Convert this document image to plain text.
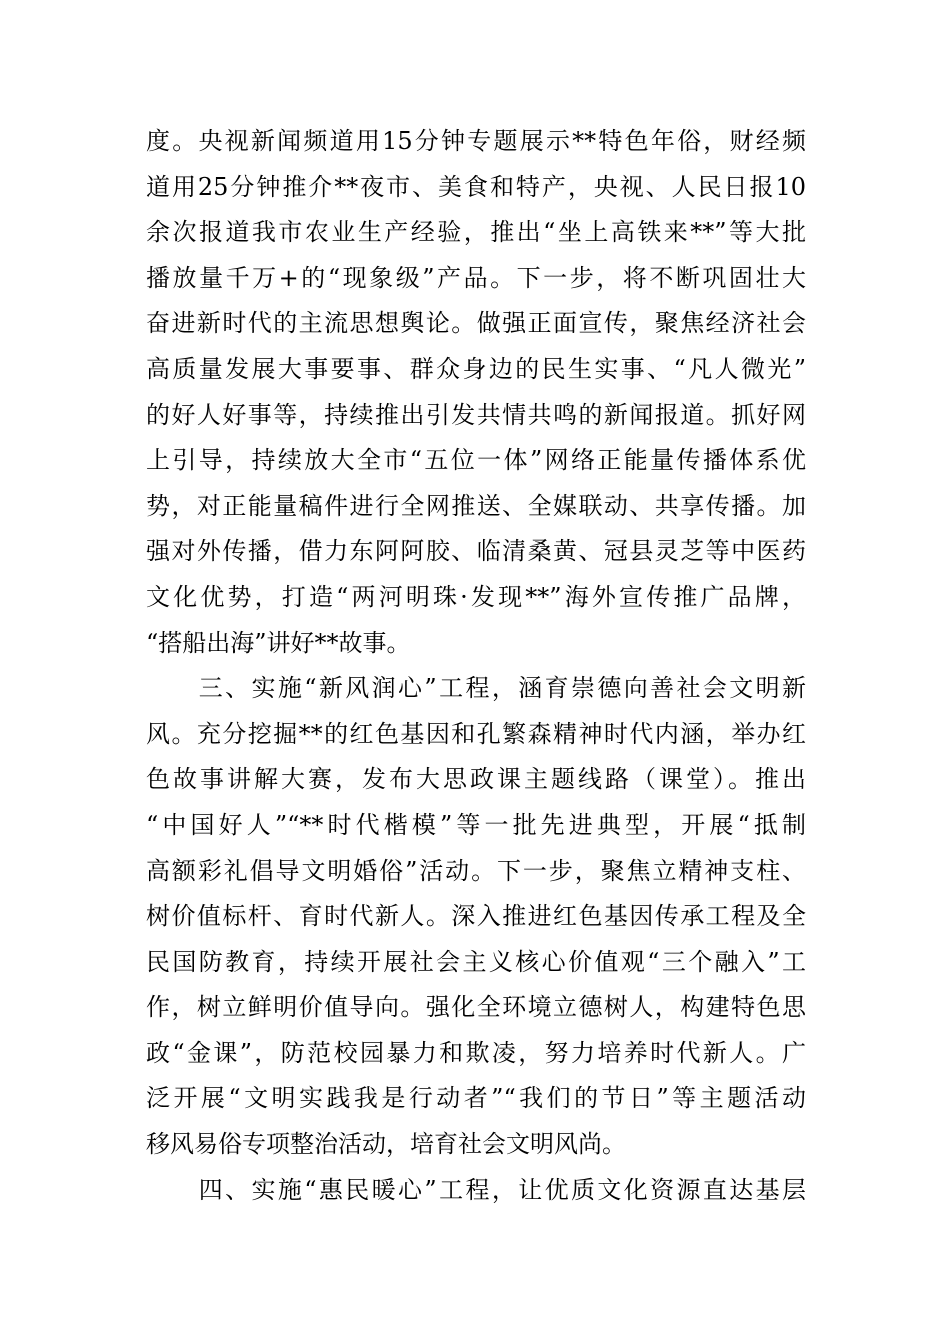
度。央视新闻频道用15分钟专题展示**特色年俗，财经频
道用25分钟推介**夜市、美食和特产，央视、人民日报10
余次报道我市农业生产经验，推出“坐上高铁来**”等大批
播放量千万+的“现象级”产品。下一步，将不断巩固壮大
奋进新时代的主流思想舆论。做强正面宣传，聚焦经济社会
高质量发展大事要事、群众身边的民生实事、“凡人微光”
的好人好事等，持续推出引发共情共鸣的新闻报道。抓好网
上引导，持续放大全市“五位一体”网络正能量传播体系优
势，对正能量稿件进行全网推送、全媒联动、共享传播。加
强对外传播，借力东阿阿胶、临清桑黄、冠县灵芝等中医药
文化优势，打造“两河明珠·发现**”海外宣传推广品牌，
“搭船出海”讲好**故事。
　　三、实施“新风润心”工程，涵育崇德向善社会文明新
风。充分挖掘**的红色基因和孔繁森精神时代内涵，举办红
色故事讲解大赛，发布大思政课主题线路（课堂）。推出
“中国好人”“**时代楷模”等一批先进典型，开展“抵制
高额彩礼倡导文明婚俗”活动。下一步，聚焦立精神支柱、
树价值标杆、育时代新人。深入推进红色基因传承工程及全
民国防教育，持续开展社会主义核心价值观“三个融入”工
作，树立鲜明价值导向。强化全环境立德树人，构建特色思
政“金课”，防范校园暴力和欺凌，努力培养时代新人。广
泛开展“文明实践我是行动者”“我们的节日”等主题活动
移风易俗专项整治活动，培育社会文明风尚。
　　四、实施“惠民暖心”工程，让优质文化资源直达基层
